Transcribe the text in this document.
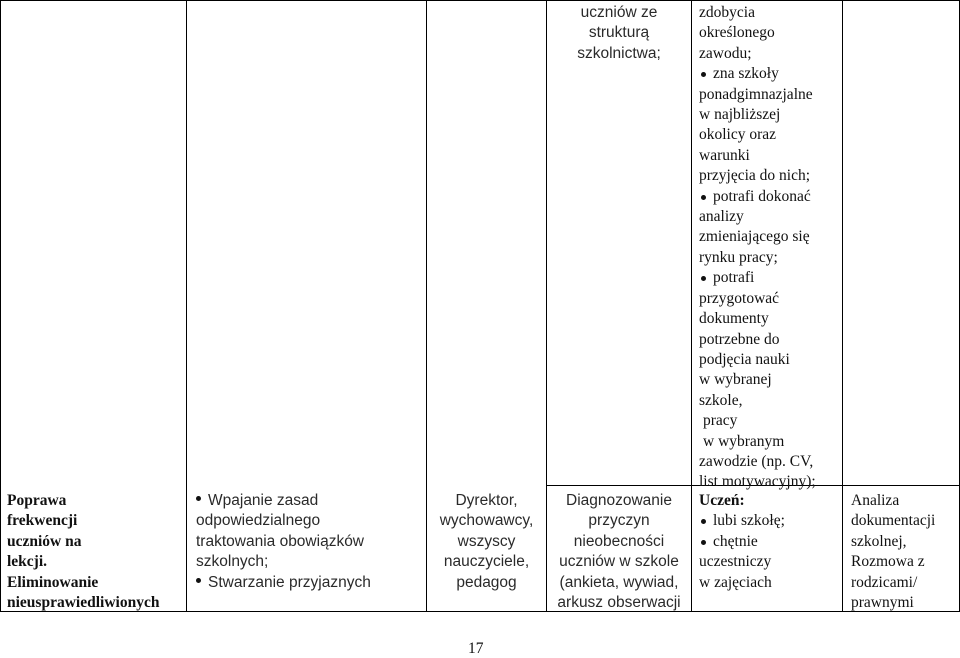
Poprawa
frekwencji
uczniów na
lekcji.
Eliminowanie
nieusprawiedliwionych
Wpajanie zasad
odpowiedzialnego
traktowania obowiązków
szkolnych;
Stwarzanie przyjaznych
Dyrektor,
wychowawcy,
wszyscy
nauczyciele,
pedagog
uczniów ze
strukturą
szkolnictwa;
Diagnozowanie
przyczyn
nieobecności
uczniów w szkole
(ankieta, wywiad,
arkusz obserwacji
zdobycia
określonego
zawodu;
zna szkoły
ponadgimnazjalne
w najbliższej
okolicy oraz
warunki
przyjęcia do nich;
potrafi dokonać
analizy
zmieniającego się
rynku pracy;
potrafi
przygotować
dokumenty
potrzebne do
podjęcia nauki
w wybranej
szkole,
pracy
w wybranym
zawodzie (np. CV,
list motywacyjny);
Uczeń:
lubi szkołę;
chętnie
uczestniczy
w zajęciach
Analiza
dokumentacji
szkolnej,
Rozmowa z
rodzicami/
prawnymi
17
